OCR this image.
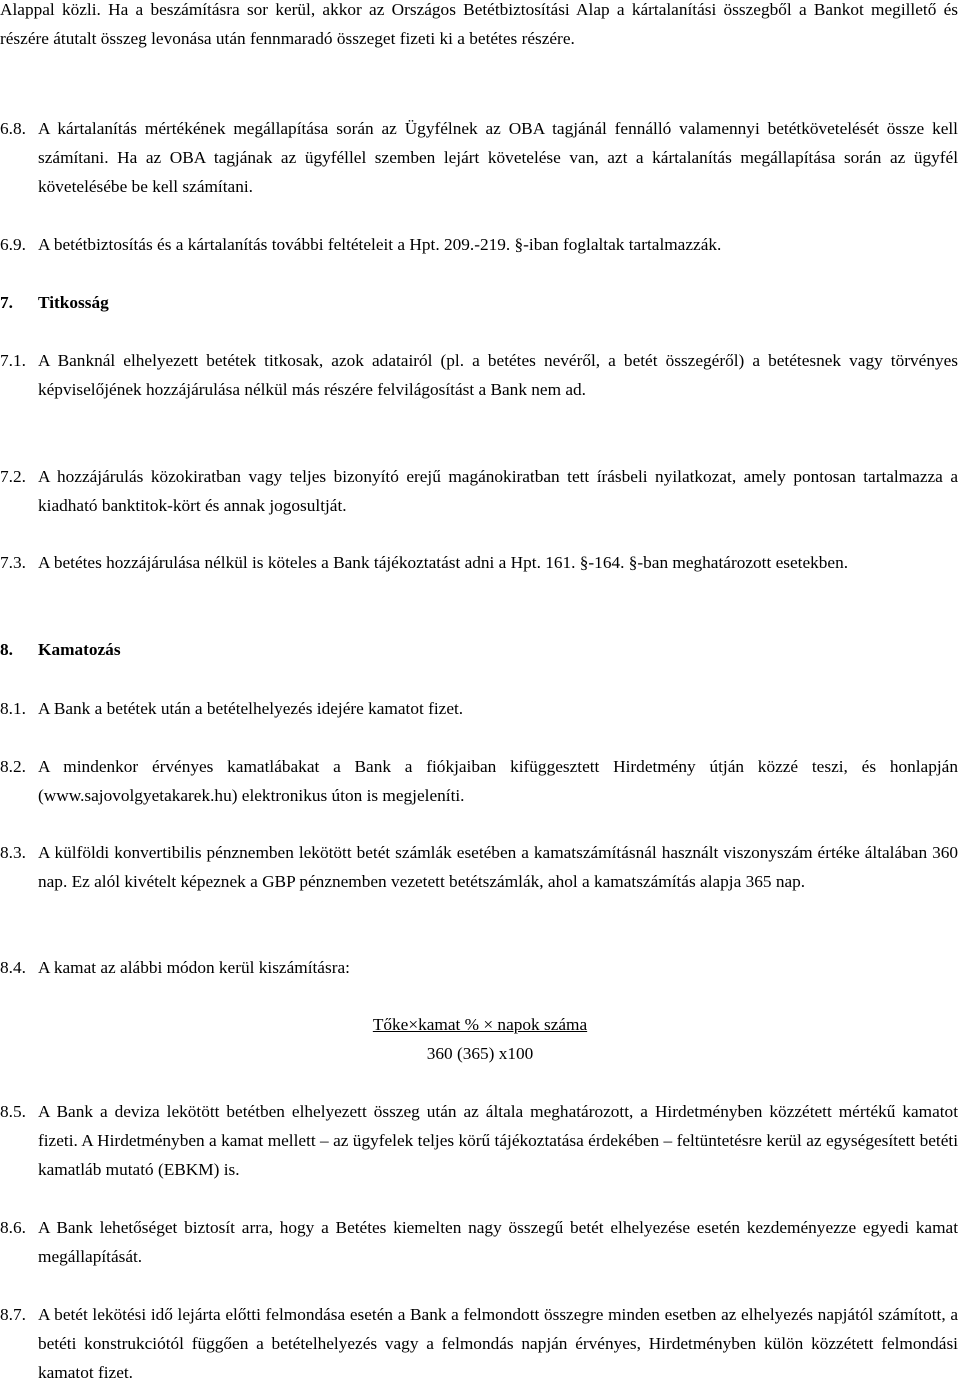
Alappal közli. Ha a beszámításra sor kerül, akkor az Országos Betétbiztosítási Alap a kártalanítási összegből a Bankot megillető és részére átutalt összeg levonása után fennmaradó összeget fizeti ki a betétes részére.
6.8. A kártalanítás mértékének megállapítása során az Ügyfélnek az OBA tagjánál fennálló valamennyi betétkövetelését össze kell számítani. Ha az OBA tagjának az ügyféllel szemben lejárt követelése van, azt a kártalanítás megállapítása során az ügyfél követelésébe be kell számítani.
6.9. A betétbiztosítás és a kártalanítás további feltételeit a Hpt. 209.-219. §-iban foglaltak tartalmazzák.
7.	Titkosság
7.1. A Banknál elhelyezett betétek titkosak, azok adatairól (pl. a betétes nevéről, a betét összegéről) a betétesnek vagy törvényes képviselőjének hozzájárulása nélkül más részére felvilágosítást a Bank nem ad.
7.2. A hozzájárulás közokiratban vagy teljes bizonyító erejű magánokiratban tett írásbeli nyilatkozat, amely pontosan tartalmazza a kiadható banktitok-kört és annak jogosultját.
7.3. A betétes hozzájárulása nélkül is köteles a Bank tájékoztatást adni a Hpt. 161. §-164. §-ban meghatározott esetekben.
8.	Kamatozás
8.1. A Bank a betétek után a betételhelyezés idejére kamatot fizet.
8.2. A mindenkor érvényes kamatlábakat a Bank a fiókjaiban kifüggesztett Hirdetmény útján közzé teszi, és honlapján (www.sajovolgyetakarek.hu) elektronikus úton is megjeleníti.
8.3. A külföldi konvertibilis pénznemben lekötött betét számlák esetében a kamatszámításnál használt viszonyszám értéke általában 360 nap. Ez alól kivételt képeznek a GBP pénznemben vezetett betétszámlák, ahol a kamatszámítás alapja 365 nap.
8.4. A kamat az alábbi módon kerül kiszámításra:
Tőke×kamat % × napok száma
360 (365) x100
8.5. A Bank a deviza lekötött betétben elhelyezett összeg után az általa meghatározott, a Hirdetményben közzétett mértékű kamatot fizeti. A Hirdetményben a kamat mellett – az ügyfelek teljes körű tájékoztatása érdekében – feltüntetésre kerül az egységesített betéti kamatláb mutató (EBKM) is.
8.6. A Bank lehetőséget biztosít arra, hogy a Betétes kiemelten nagy összegű betét elhelyezése esetén kezdeményezze egyedi kamat megállapítását.
8.7. A betét lekötési idő lejárta előtti felmondása esetén a Bank a felmondott összegre minden esetben az elhelyezés napjától számított, a betéti konstrukciótól függően a betételhelyezés vagy a felmondás napján érvényes, Hirdetményben külön közzétett felmondási kamatot fizet.
